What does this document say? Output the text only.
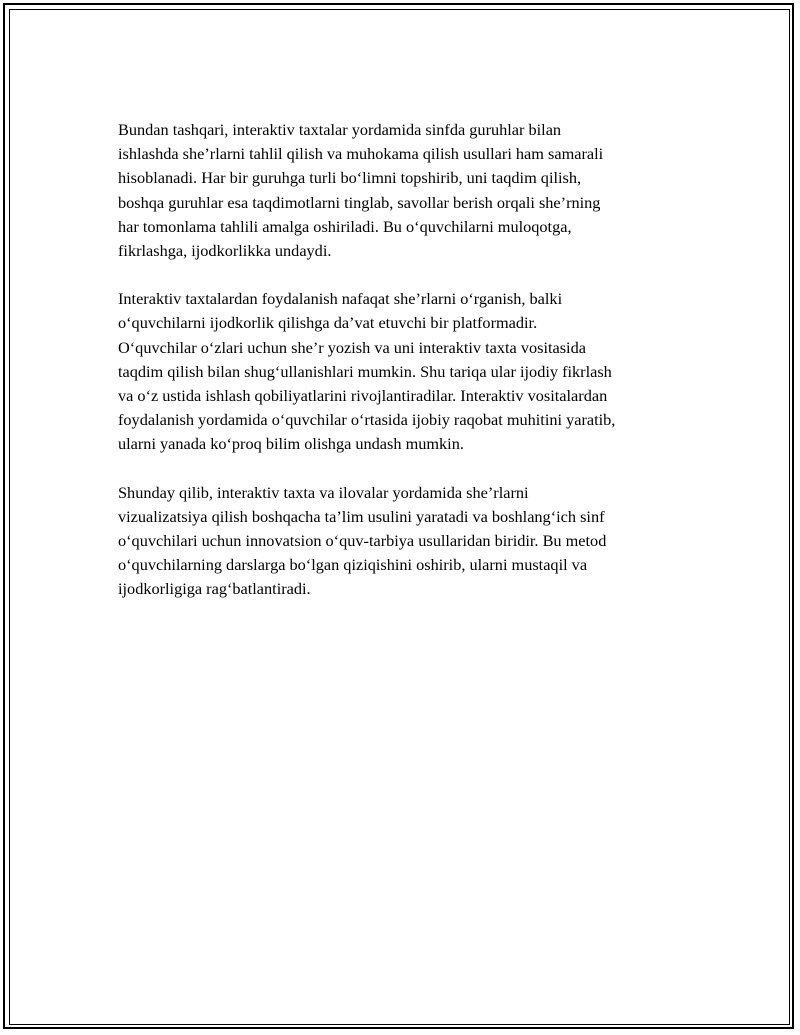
Bundan tashqari, interaktiv taxtalar yordamida sinfda guruhlar bilan
ishlashda she’rlarni tahlil qilish va muhokama qilish usullari ham samarali
hisoblanadi. Har bir guruhga turli bo‘limni topshirib, uni taqdim qilish,
boshqa guruhlar esa taqdimotlarni tinglab, savollar berish orqali she’rning
har tomonlama tahlili amalga oshiriladi. Bu o‘quvchilarni muloqotga,
fikrlashga, ijodkorlikka undaydi.

Interaktiv taxtalardan foydalanish nafaqat she’rlarni o‘rganish, balki
o‘quvchilarni ijodkorlik qilishga da’vat etuvchi bir platformadir.
O‘quvchilar o‘zlari uchun she’r yozish va uni interaktiv taxta vositasida
taqdim qilish bilan shug‘ullanishlari mumkin. Shu tariqa ular ijodiy fikrlash
va o‘z ustida ishlash qobiliyatlarini rivojlantiradilar. Interaktiv vositalardan
foydalanish yordamida o‘quvchilar o‘rtasida ijobiy raqobat muhitini yaratib,
ularni yanada ko‘proq bilim olishga undash mumkin.

Shunday qilib, interaktiv taxta va ilovalar yordamida she’rlarni
vizualizatsiya qilish boshqacha ta’lim usulini yaratadi va boshlang‘ich sinf
o‘quvchilari uchun innovatsion o‘quv-tarbiya usullaridan biridir. Bu metod
o‘quvchilarning darslarga bo‘lgan qiziqishini oshirib, ularni mustaqil va
ijodkorligiga rag‘batlantiradi.
